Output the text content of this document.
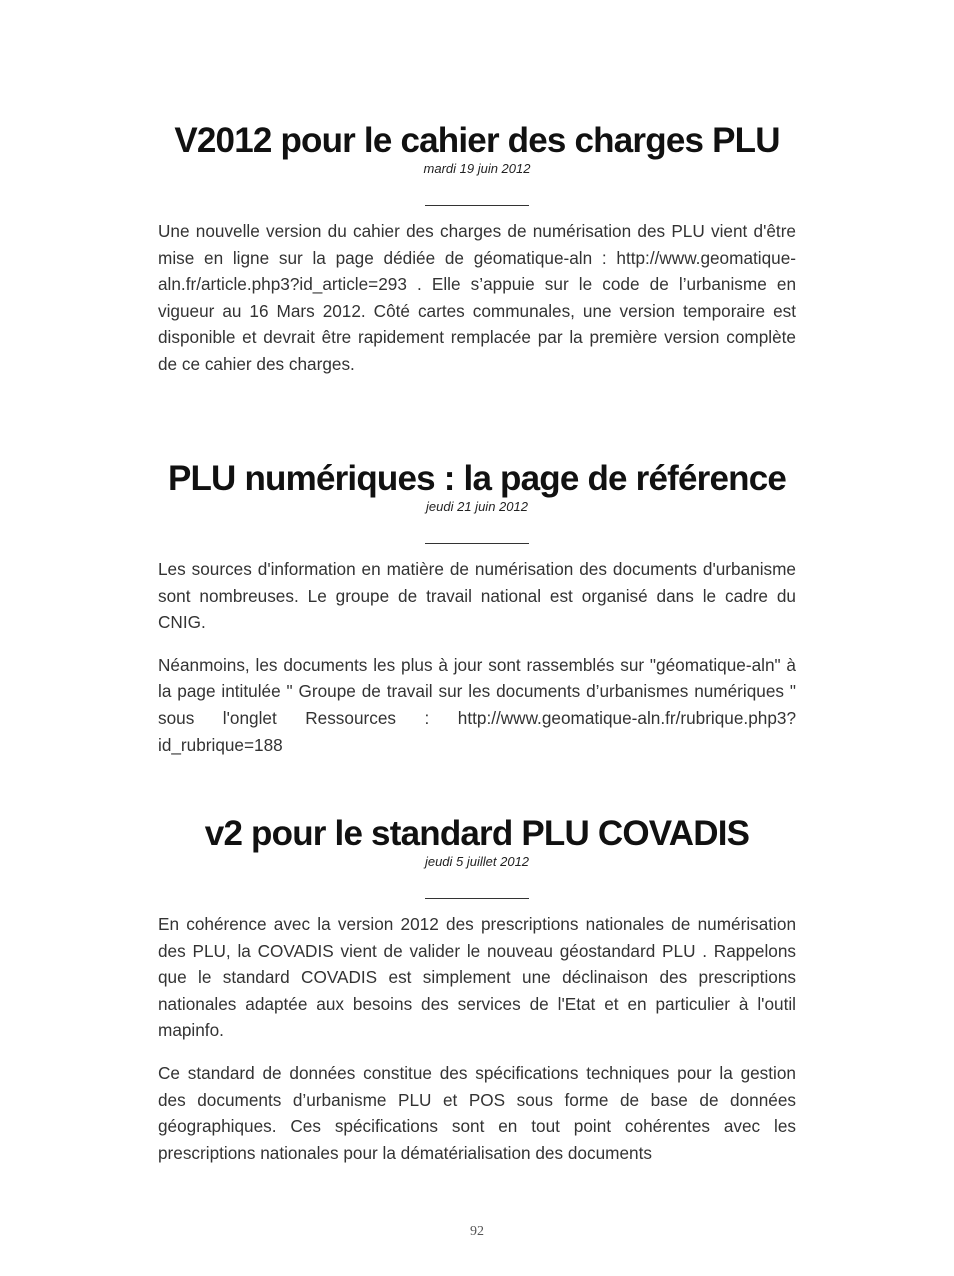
V2012 pour le cahier des charges PLU
mardi 19 juin 2012

Une nouvelle version du cahier des charges de numérisation des PLU vient d'être mise en ligne sur la page dédiée de géomatique-aln : http://www.geomatique-aln.fr/article.php3?id_article=293 . Elle s’appuie sur le code de l’urbanisme en vigueur au 16 Mars 2012. Côté cartes communales, une version temporaire est disponible et devrait être rapidement remplacée par la première version complète de ce cahier des charges.

PLU numériques : la page de référence
jeudi 21 juin 2012

Les sources d'information en matière de numérisation des documents d'urbanisme sont nombreuses. Le groupe de travail national est organisé dans le cadre du CNIG.

Néanmoins, les documents les plus à jour sont rassemblés sur "géomatique-aln" à la page intitulée " Groupe de travail sur les documents d’urbanismes numériques " sous l'onglet Ressources : http://www.geomatique-aln.fr/rubrique.php3?id_rubrique=188

v2 pour le standard PLU COVADIS
jeudi 5 juillet 2012

En cohérence avec la version 2012 des prescriptions nationales de numérisation des PLU, la COVADIS vient de valider le nouveau géostandard PLU . Rappelons que le standard COVADIS est simplement une déclinaison des prescriptions nationales adaptée aux besoins des services de l'Etat et en particulier à l'outil mapinfo.

Ce standard de données constitue des spécifications techniques pour la gestion des documents d’urbanisme PLU et POS sous forme de base de données géographiques. Ces spécifications sont en tout point cohérentes avec les prescriptions nationales pour la dématérialisation des documents

92
